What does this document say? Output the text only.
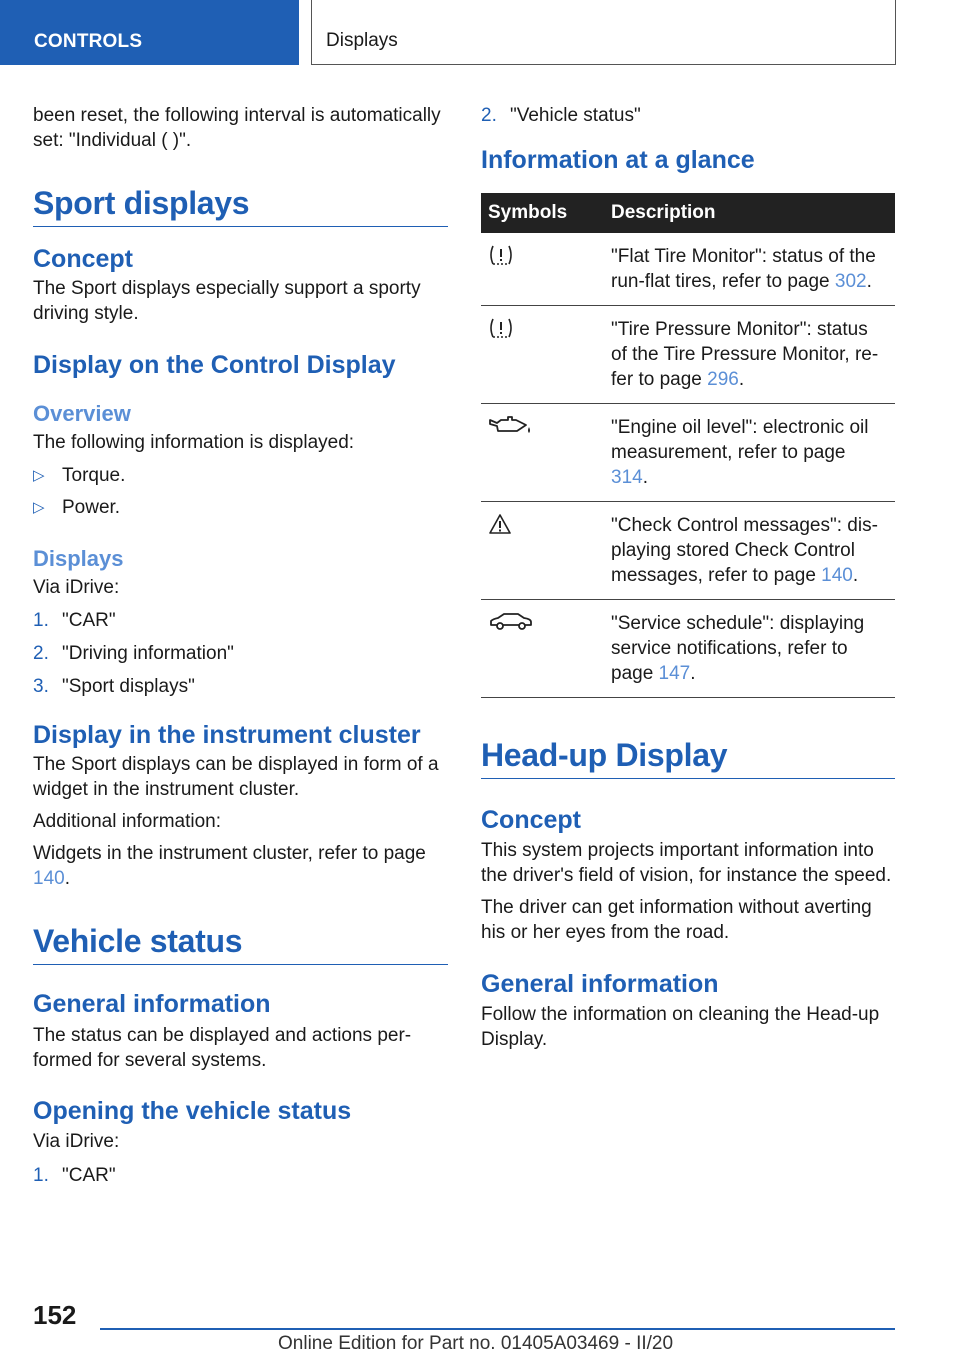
CONTROLS	Displays

been reset, the following interval is automatically set: "Individual ( )".

Sport displays
Concept

The Sport displays especially support a sporty driving style.

Display on the Control Display
Overview

The following information is displayed:

▷ Torque.
▷ Power.
Displays

Via iDrive:

1. "CAR"
2. "Driving information"
3. "Sport displays"
Display in the instrument cluster

The Sport displays can be displayed in form of a widget in the instrument cluster.

Additional information:

Widgets in the instrument cluster, refer to page 140.

Vehicle status
General information

The status can be displayed and actions per-formed for several systems.

Opening the vehicle status

Via iDrive:

1. "CAR"
2. "Vehicle status"
Information at a glance
Symbols	Description
	"Flat Tire Monitor": status of the run-flat tires, refer to page 302.
	"Tire Pressure Monitor": status of the Tire Pressure Monitor, re-fer to page 296.
	"Engine oil level": electronic oil measurement, refer to page 314.
	"Check Control messages": dis-playing stored Check Control messages, refer to page 140.
	"Service schedule": displaying service notifications, refer to page 147.
Head-up Display
Concept

This system projects important information into the driver's field of vision, for instance the speed.

The driver can get information without averting his or her eyes from the road.

General information

Follow the information on cleaning the Head-up Display.

152
Online Edition for Part no. 01405A03469 - II/20
